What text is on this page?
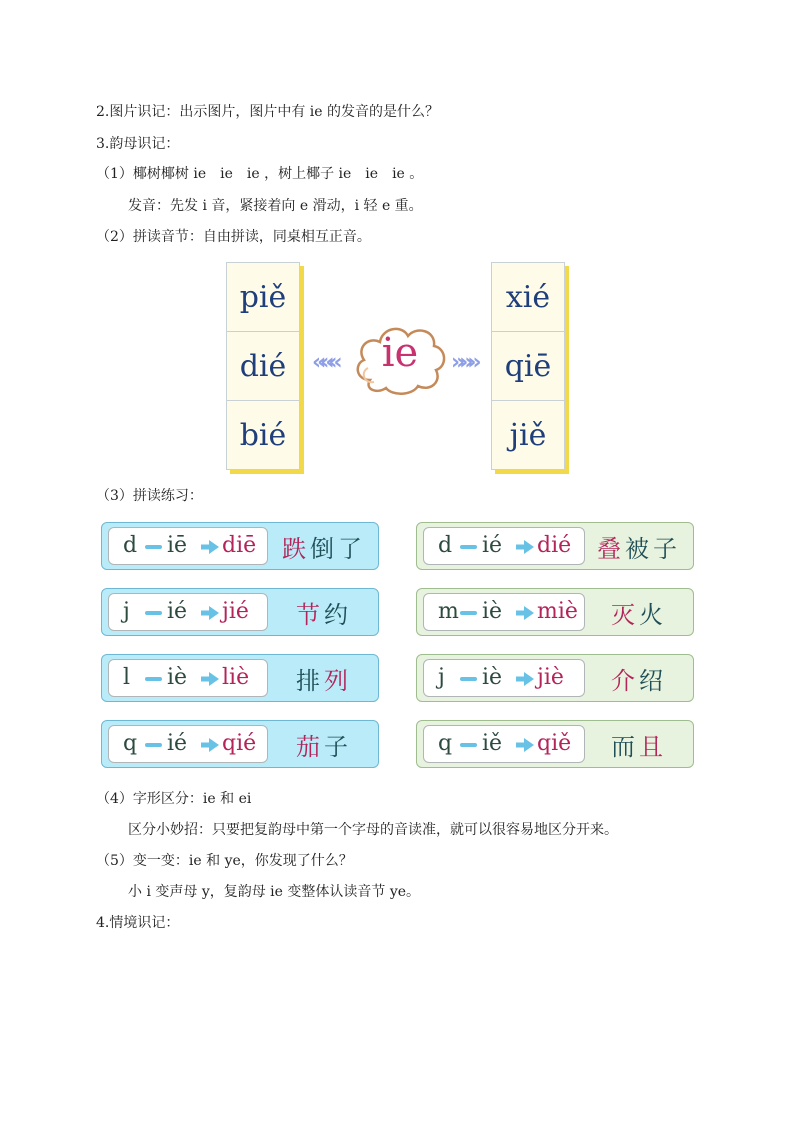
2.图片识记：出示图片，图片中有 ie 的发音的是什么？
3.韵母识记：
（1）椰树椰树 ie　ie　ie ，树上椰子 ie　ie　ie 。
发音：先发 i 音，紧接着向 e 滑动，i 轻 e 重。
（2）拼读音节：自由拼读，同桌相互正音。
piě
dié
bié
xié
qiē
jiě
«««	»»»
ie
（3）拼读练习：
d iē diē	跌倒了	d ié dié	叠被子
j ié jié	节约	m iè miè	灭火
l iè liè	排列	j iè jiè	介绍
q ié qié	茄子	q iě qiě	而且
（4）字形区分：ie 和 ei
区分小妙招：只要把复韵母中第一个字母的音读准，就可以很容易地区分开来。
（5）变一变：ie 和 ye，你发现了什么？
小 i 变声母 y，复韵母 ie 变整体认读音节 ye。
4.情境识记：
